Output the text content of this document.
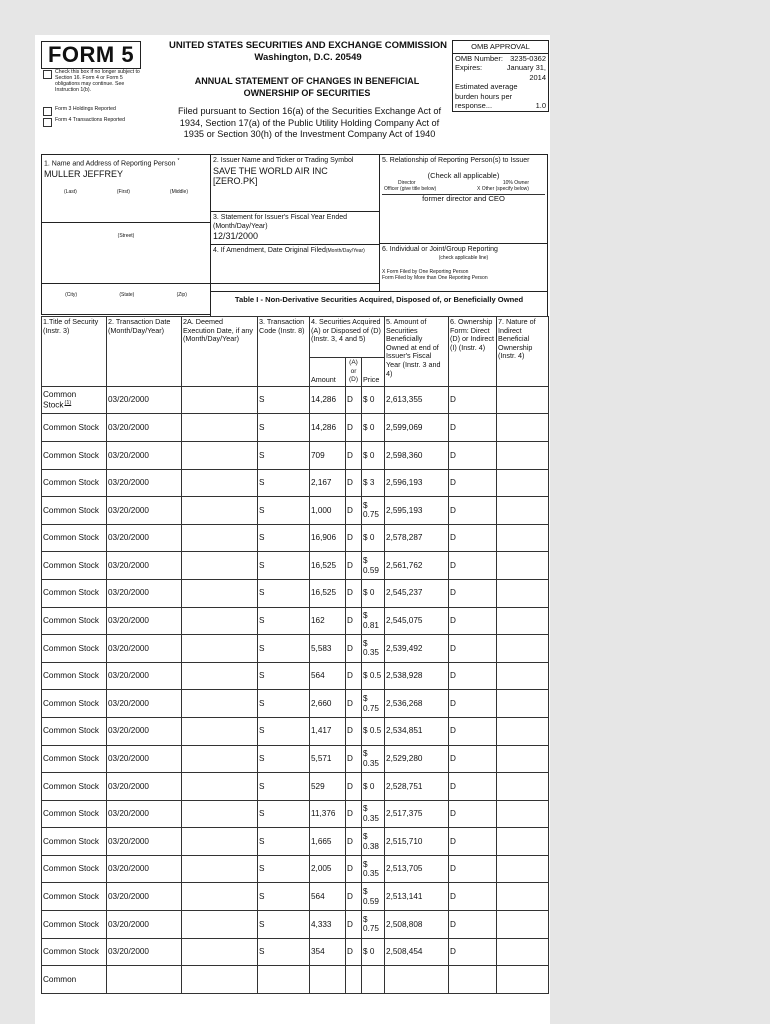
FORM 5
Check this box if no longer subject to Section 16. Form 4 or Form 5 obligations may continue. See Instruction 1(b).
Form 3 Holdings Reported
Form 4 Transactions Reported
UNITED STATES SECURITIES AND EXCHANGE COMMISSION
Washington, D.C. 20549
ANNUAL STATEMENT OF CHANGES IN BENEFICIAL
OWNERSHIP OF SECURITIES
Filed pursuant to Section 16(a) of the Securities Exchange Act of
1934, Section 17(a) of the Public Utility Holding Company Act of
1935 or Section 30(h) of the Investment Company Act of 1940
OMB APPROVAL
OMB Number: 3235-0362
Expires:	January 31, 2014
Estimated average burden hours per response...	1.0
1. Name and Address of Reporting Person *
MULLER JEFFREY
(Last)	(First)	(Middle)
(Street)
(City)	(State)	(Zip)
2. Issuer Name and Ticker or Trading Symbol
SAVE THE WORLD AIR INC
[ZERO.PK]
3. Statement for Issuer's Fiscal Year Ended (Month/Day/Year)
12/31/2000
4. If Amendment, Date Original Filed(Month/Day/Year)
5. Relationship of Reporting Person(s) to Issuer
(Check all applicable)
Director	10% Owner
Officer (give title below)	X Other (specify below)
former director and CEO
6. Individual or Joint/Group Reporting
(check applicable line)
X Form Filed by One Reporting Person
Form Filed by More than One Reporting Person
Table I - Non-Derivative Securities Acquired, Disposed of, or Beneficially Owned
1.Title of Security (Instr. 3)	2. Transaction Date (Month/Day/Year)	2A. Deemed Execution Date, if any (Month/Day/Year)	3. Transaction Code (Instr. 8)	4. Securities Acquired (A) or Disposed of (D) (Instr. 3, 4 and 5)			5. Amount of Securities Beneficially Owned at end of Issuer's Fiscal Year (Instr. 3 and 4)	6. Ownership Form: Direct (D) or Indirect (I) (Instr. 4)	7. Nature of Indirect Beneficial Ownership (Instr. 4)
				Amount	(A) or (D)	Price			
Common Stock$^{(1)}$	03/20/2000		S	14,286	D	$ 0	2,613,355	D	
Common Stock	03/20/2000		S	14,286	D	$ 0	2,599,069	D	
Common Stock	03/20/2000		S	709	D	$ 0	2,598,360	D	
Common Stock	03/20/2000		S	2,167	D	$ 3	2,596,193	D	
Common Stock	03/20/2000		S	1,000	D	$ 0.75	2,595,193	D	
Common Stock	03/20/2000		S	16,906	D	$ 0	2,578,287	D	
Common Stock	03/20/2000		S	16,525	D	$ 0.59	2,561,762	D	
Common Stock	03/20/2000		S	16,525	D	$ 0	2,545,237	D	
Common Stock	03/20/2000		S	162	D	$ 0.81	2,545,075	D	
Common Stock	03/20/2000		S	5,583	D	$ 0.35	2,539,492	D	
Common Stock	03/20/2000		S	564	D	$ 0.5	2,538,928	D	
Common Stock	03/20/2000		S	2,660	D	$ 0.75	2,536,268	D	
Common Stock	03/20/2000		S	1,417	D	$ 0.5	2,534,851	D	
Common Stock	03/20/2000		S	5,571	D	$ 0.35	2,529,280	D	
Common Stock	03/20/2000		S	529	D	$ 0	2,528,751	D	
Common Stock	03/20/2000		S	11,376	D	$ 0.35	2,517,375	D	
Common Stock	03/20/2000		S	1,665	D	$ 0.38	2,515,710	D	
Common Stock	03/20/2000		S	2,005	D	$ 0.35	2,513,705	D	
Common Stock	03/20/2000		S	564	D	$ 0.59	2,513,141	D	
Common Stock	03/20/2000		S	4,333	D	$ 0.75	2,508,808	D	
Common Stock	03/20/2000		S	354	D	$ 0	2,508,454	D	
Common									
